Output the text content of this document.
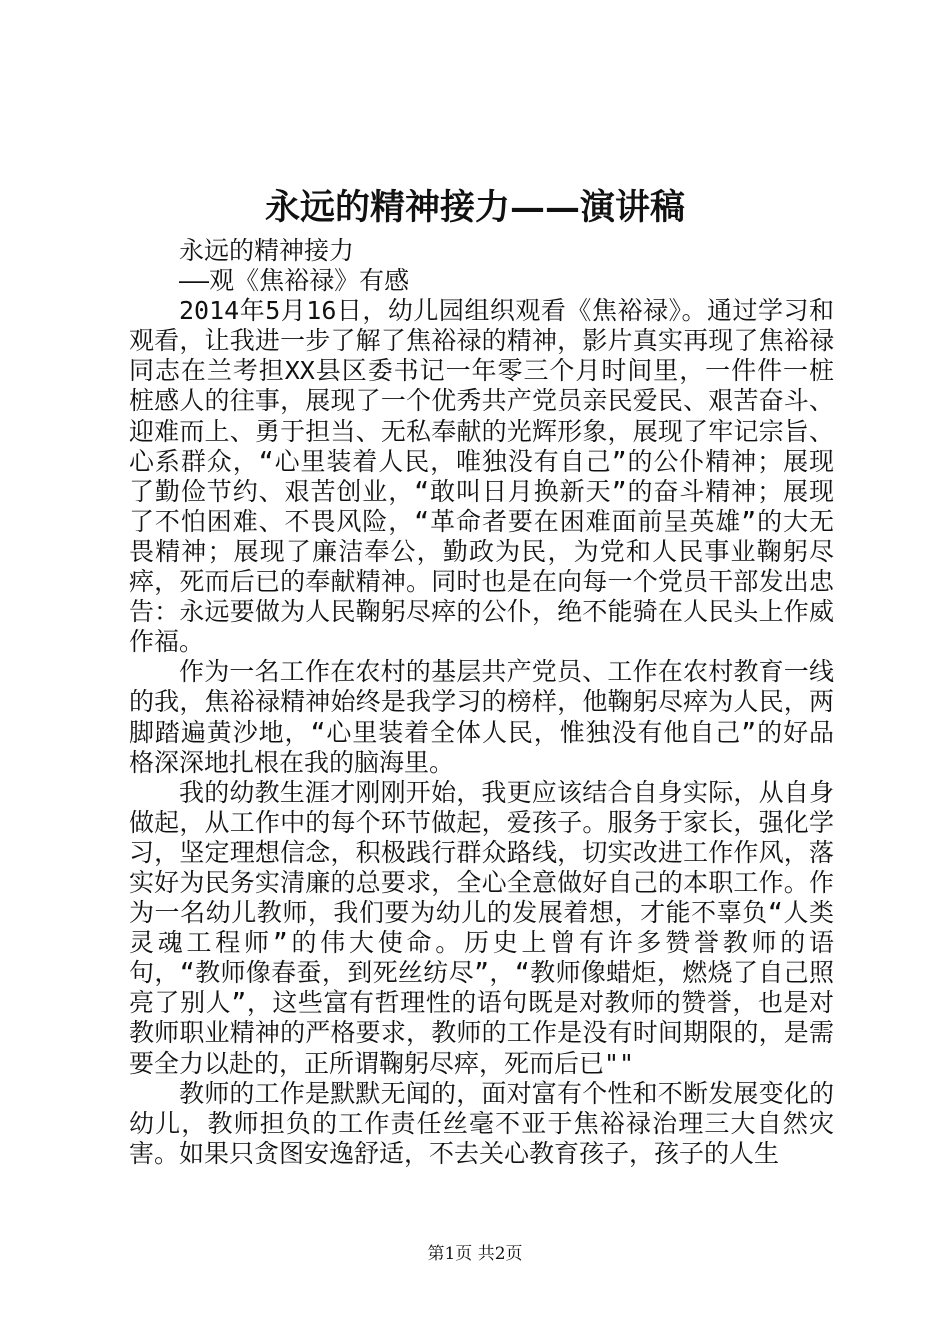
永远的精神接力——演讲稿
永远的精神接力
——观《焦裕禄》有感

2014年5月16日，幼儿园组织观看《焦裕禄》。通过学习和观看，让我进一步了解了焦裕禄的精神，影片真实再现了焦裕禄同志在兰考担XX县区委书记一年零三个月时间里，一件件一桩桩感人的往事，展现了一个优秀共产党员亲民爱民、艰苦奋斗、迎难而上、勇于担当、无私奉献的光辉形象，展现了牢记宗旨、心系群众，“心里装着人民，唯独没有自己”的公仆精神；展现了勤俭节约、艰苦创业，“敢叫日月换新天”的奋斗精神；展现了不怕困难、不畏风险，“革命者要在困难面前呈英雄”的大无畏精神；展现了廉洁奉公，勤政为民，为党和人民事业鞠躬尽瘁，死而后已的奉献精神。同时也是在向每一个党员干部发出忠告：永远要做为人民鞠躬尽瘁的公仆，绝不能骑在人民头上作威作福。

作为一名工作在农村的基层共产党员、工作在农村教育一线的我，焦裕禄精神始终是我学习的榜样，他鞠躬尽瘁为人民，两脚踏遍黄沙地，“心里装着全体人民，惟独没有他自己”的好品格深深地扎根在我的脑海里。

我的幼教生涯才刚刚开始，我更应该结合自身实际，从自身做起，从工作中的每个环节做起，爱孩子。服务于家长，强化学习，坚定理想信念，积极践行群众路线，切实改进工作作风，落实好为民务实清廉的总要求，全心全意做好自己的本职工作。作为一名幼儿教师，我们要为幼儿的发展着想，才能不辜负“人类灵魂工程师”的伟大使命。历史上曾有许多赞誉教师的语句，“教师像春蚕，到死丝纺尽”，“教师像蜡炬，燃烧了自己照亮了别人”，这些富有哲理性的语句既是对教师的赞誉，也是对教师职业精神的严格要求，教师的工作是没有时间期限的，是需要全力以赴的，正所谓鞠躬尽瘁，死而后已""

教师的工作是默默无闻的，面对富有个性和不断发展变化的幼儿，教师担负的工作责任丝毫不亚于焦裕禄治理三大自然灾害。如果只贪图安逸舒适，不去关心教育孩子，孩子的人生

第1页 共2页
